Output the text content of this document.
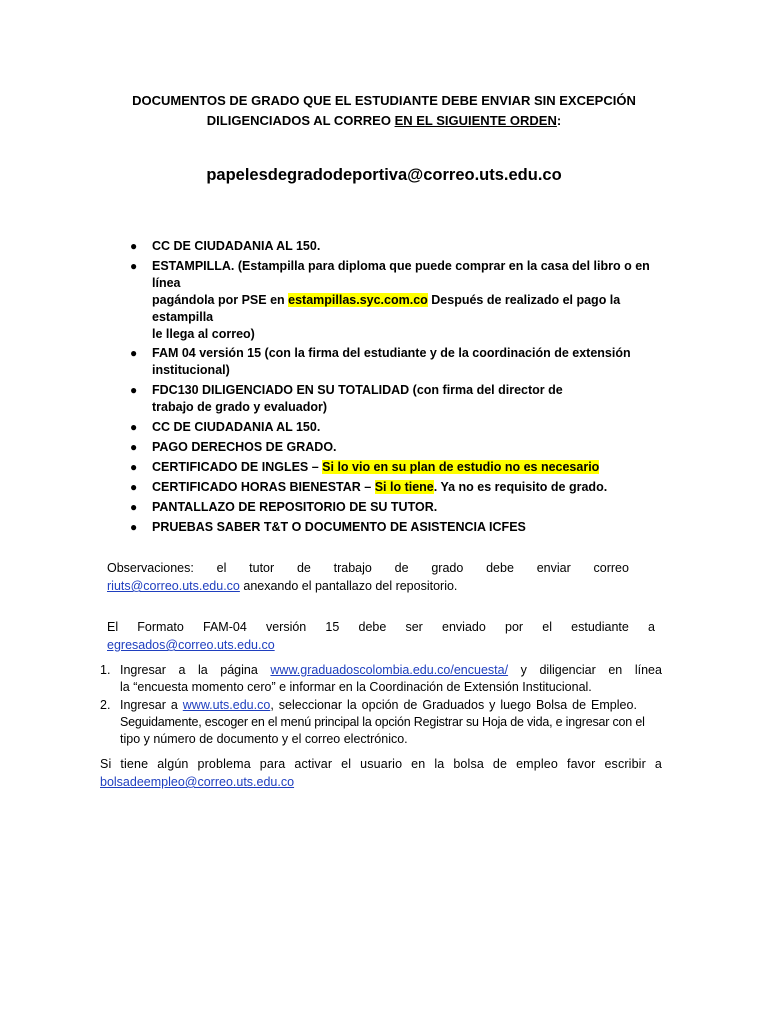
DOCUMENTOS DE GRADO QUE EL ESTUDIANTE DEBE ENVIAR SIN EXCEPCIÓN
DILIGENCIADOS AL CORREO EN EL SIGUIENTE ORDEN:
papelesdegradodeportiva@correo.uts.edu.co
● CC DE CIUDADANIA AL 150.
● ESTAMPILLA. (Estampilla para diploma que puede comprar en la casa del libro o en línea
pagándola por PSE en estampillas.syc.com.co Después de realizado el pago la estampilla
le llega al correo)
● FAM 04 versión 15 (con la firma del estudiante y de la coordinación de extensión
institucional)
● FDC130 DILIGENCIADO EN SU TOTALIDAD (con firma del director de
trabajo de grado y evaluador)
● CC DE CIUDADANIA AL 150.
● PAGO DERECHOS DE GRADO.
● CERTIFICADO DE INGLES – Si lo vio en su plan de estudio no es necesario
● CERTIFICADO HORAS BIENESTAR – Si lo tiene. Ya no es requisito de grado.
● PANTALLAZO DE REPOSITORIO DE SU TUTOR.
● PRUEBAS SABER T&T O DOCUMENTO DE ASISTENCIA ICFES
Observaciones: el tutor de trabajo de grado debe enviar correo
riuts@correo.uts.edu.co anexando el pantallazo del repositorio.
El Formato FAM-04 versión 15 debe ser enviado por el estudiante a
egresados@correo.uts.edu.co
1. Ingresar a la página www.graduadoscolombia.edu.co/encuesta/ y diligenciar en línea
la “encuesta momento cero” e informar en la Coordinación de Extensión Institucional.
2. Ingresar a www.uts.edu.co, seleccionar la opción de Graduados y luego Bolsa de Empleo.
Seguidamente, escoger en el menú principal la opción Registrar su Hoja de vida, e ingresar con el
tipo y número de documento y el correo electrónico.
Si tiene algún problema para activar el usuario en la bolsa de empleo favor escribir a
bolsadeempleo@correo.uts.edu.co
